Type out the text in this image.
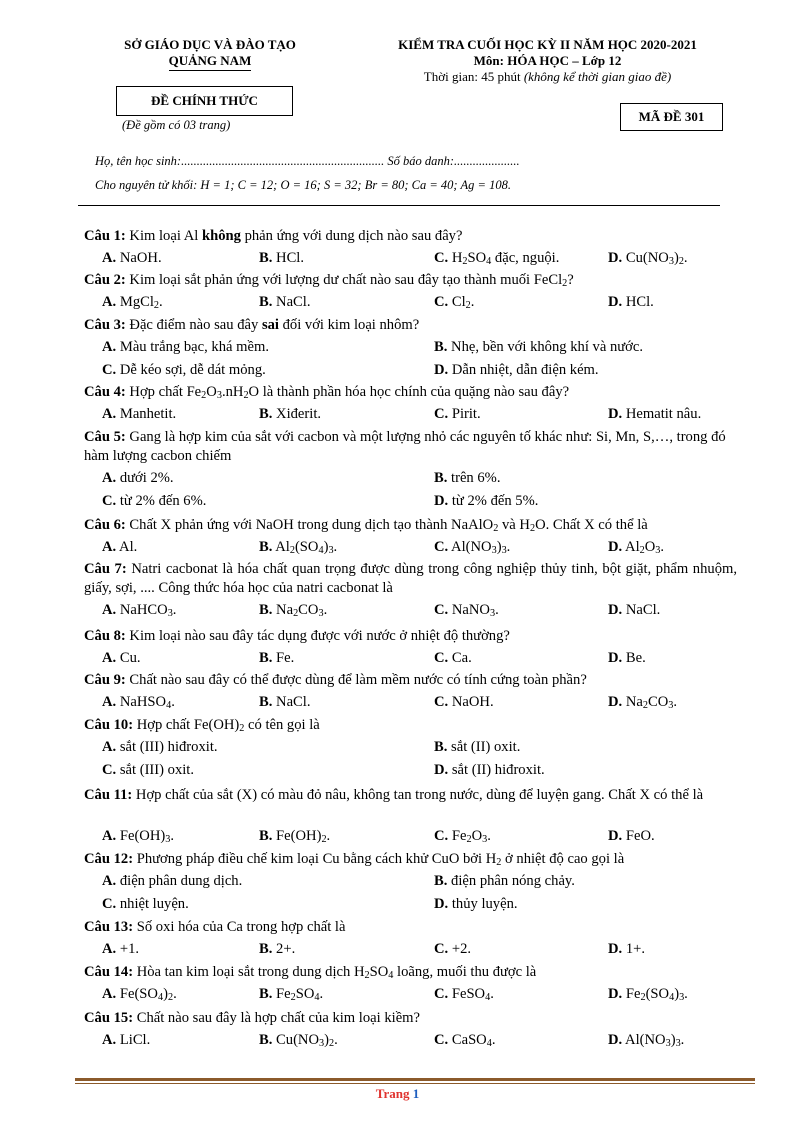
SỞ GIÁO DỤC VÀ ĐÀO TẠO
QUẢNG NAM
KIỂM TRA CUỐI HỌC KỲ II NĂM HỌC 2020-2021
Môn: HÓA HỌC – Lớp 12
Thời gian: 45 phút (không kể thời gian giao đề)
ĐỀ CHÍNH THỨC
(Đề gồm có 03 trang)
MÃ ĐỀ 301
Họ, tên học sinh:................................................................. Số báo danh:.....................
Cho nguyên tử khối: H = 1; C = 12; O = 16; S = 32; Br = 80; Ca = 40; Ag = 108.
Câu 1: Kim loại Al không phản ứng với dung dịch nào sau đây?
A. NaOH.	B. HCl.	C. $H_2SO_4$ đặc, nguội.	D. $Cu(NO_3)_2$.
Câu 2: Kim loại sắt phản ứng với lượng dư chất nào sau đây tạo thành muối FeCl$_2$?
A. MgCl$_2$.	B. NaCl.	C. $Cl_2$.	D. HCl.
Câu 3: Đặc điểm nào sau đây sai đối với kim loại nhôm?
A. Màu trắng bạc, khá mềm.	B. Nhẹ, bền với không khí và nước.
C. Dễ kéo sợi, dễ dát mỏng.	D. Dẫn nhiệt, dẫn điện kém.
Câu 4: Hợp chất $Fe_2O_3.nH_2O$ là thành phần hóa học chính của quặng nào sau đây?
A. Manhetit.	B. Xiđerit.	C. Pirit.	D. Hematit nâu.
Câu 5: Gang là hợp kim của sắt với cacbon và một lượng nhỏ các nguyên tố khác như: Si, Mn, S,…, trong đó hàm lượng cacbon chiếm
A. dưới 2%.	B. trên 6%.
C. từ 2% đến 6%.	D. từ 2% đến 5%.
Câu 6: Chất X phản ứng với NaOH trong dung dịch tạo thành NaAlO$_2$ và $H_2O$. Chất X có thể là
A. Al.	B. $Al_2(SO_4)_3$.	C. $Al(NO_3)_3$.	D. $Al_2O_3$.
Câu 7: Natri cacbonat là hóa chất quan trọng được dùng trong công nghiệp thủy tinh, bột giặt, phẩm nhuộm, giấy, sợi, .... Công thức hóa học của natri cacbonat là
A. NaHCO$_3$.	B. $Na_2CO_3$.	C. NaNO$_3$.	D. NaCl.
Câu 8: Kim loại nào sau đây tác dụng được với nước ở nhiệt độ thường?
A. Cu.	B. Fe.	C. Ca.	D. Be.
Câu 9: Chất nào sau đây có thể được dùng để làm mềm nước có tính cứng toàn phần?
A. NaHSO$_4$.	B. NaCl.	C. NaOH.	D. $Na_2CO_3$.
Câu 10: Hợp chất $Fe(OH)_2$ có tên gọi là
A. sắt (III) hiđroxit.	B. sắt (II) oxit.
C. sắt (III) oxit.	D. sắt (II) hiđroxit.
Câu 11: Hợp chất của sắt (X) có màu đỏ nâu, không tan trong nước, dùng để luyện gang. Chất X có thể là
A. $Fe(OH)_3$.	B. $Fe(OH)_2$.	C. $Fe_2O_3$.	D. FeO.
Câu 12: Phương pháp điều chế kim loại Cu bằng cách khử CuO bởi $H_2$ ở nhiệt độ cao gọi là
A. điện phân dung dịch.	B. điện phân nóng chảy.
C. nhiệt luyện.	D. thủy luyện.
Câu 13: Số oxi hóa của Ca trong hợp chất là
A. +1.	B. 2+.	C. +2.	D. 1+.
Câu 14: Hòa tan kim loại sắt trong dung dịch $H_2SO_4$ loãng, muối thu được là
A. $Fe(SO_4)_2$.	B. $Fe_2SO_4$.	C. FeSO$_4$.	D. $Fe_2(SO_4)_3$.
Câu 15: Chất nào sau đây là hợp chất của kim loại kiềm?
A. LiCl.	B. $Cu(NO_3)_2$.	C. CaSO$_4$.	D. $Al(NO_3)_3$.
Trang 1
